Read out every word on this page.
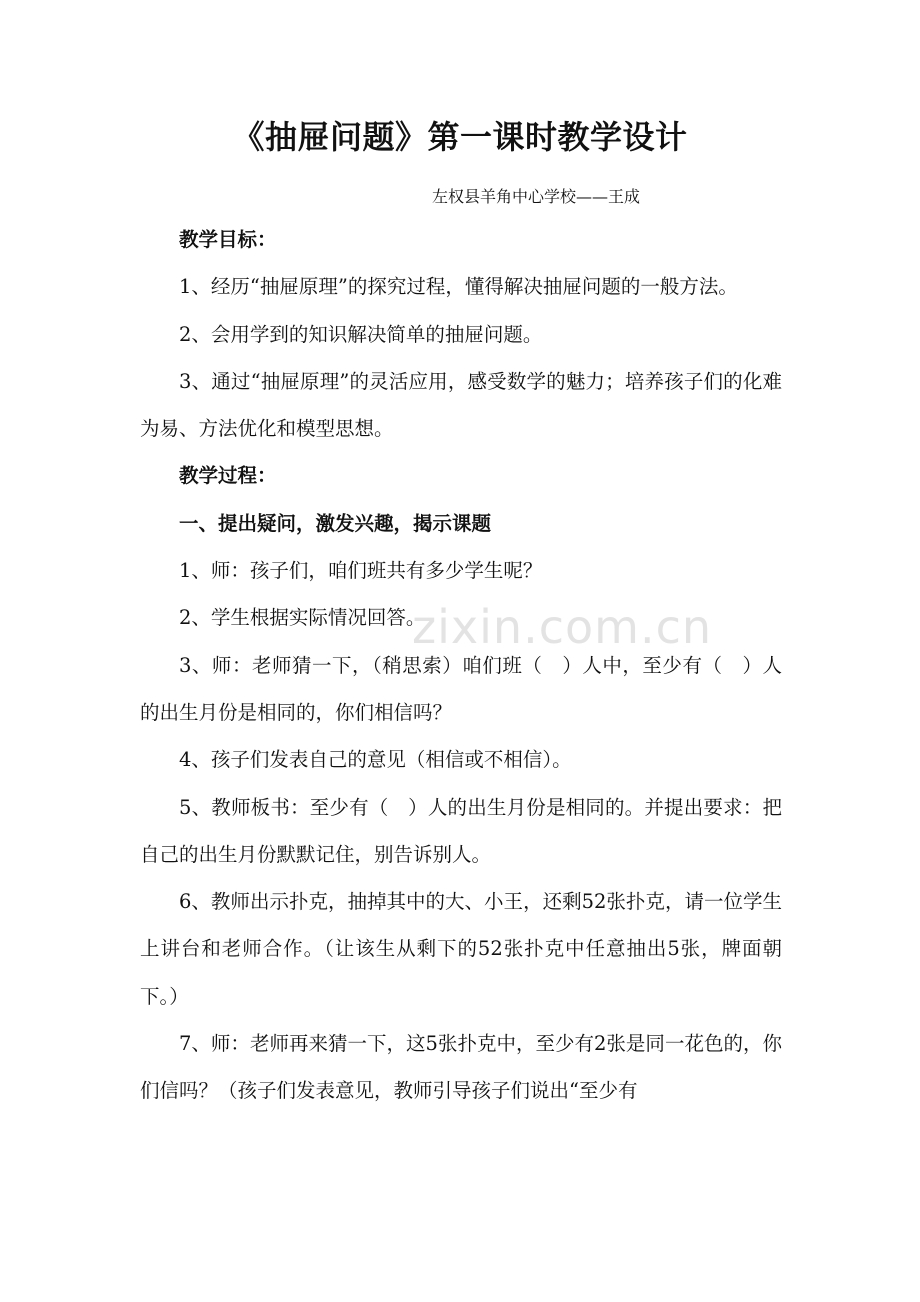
《抽屉问题》第一课时教学设计
左权县羊角中心学校——王成

教学目标：

1、经历“抽屉原理”的探究过程，懂得解决抽屉问题的一般方法。

2、会用学到的知识解决简单的抽屉问题。

3、通过“抽屉原理”的灵活应用，感受数学的魅力；培养孩子们的化难为易、方法优化和模型思想。

教学过程：

一、提出疑问，激发兴趣，揭示课题

1、师：孩子们，咱们班共有多少学生呢？

2、学生根据实际情况回答。

3、师：老师猜一下，（稍思索）咱们班（　）人中，至少有（　）人的出生月份是相同的，你们相信吗？

4、孩子们发表自己的意见（相信或不相信）。

5、教师板书：至少有（　）人的出生月份是相同的。并提出要求：把自己的出生月份默默记住，别告诉别人。

6、教师出示扑克，抽掉其中的大、小王，还剩52张扑克，请一位学生上讲台和老师合作。（让该生从剩下的52张扑克中任意抽出5张，牌面朝下。）

7、师：老师再来猜一下，这5张扑克中，至少有2张是同一花色的，你们信吗？（孩子们发表意见，教师引导孩子们说出“至少有

zixin.com.cn
